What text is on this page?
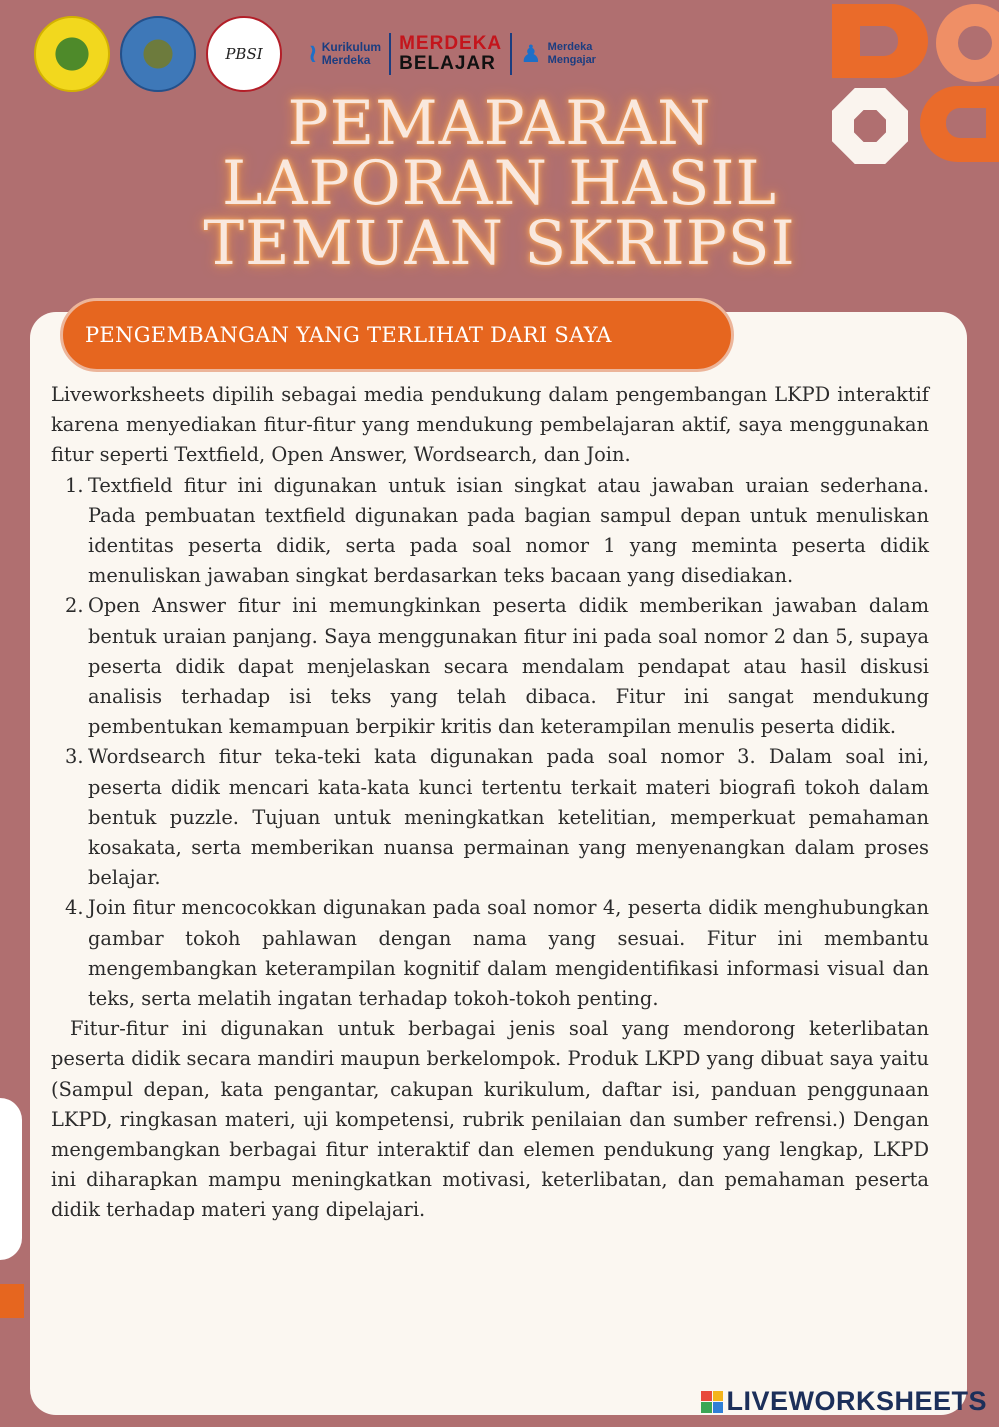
PBSI ≀ Kurikulum
Merdeka
MERDEKA
BELAJAR ♟ Merdeka
Mengajar
PEMAPARAN
LAPORAN HASIL
TEMUAN SKRIPSI
PENGEMBANGAN YANG TERLIHAT DARI SAYA

Liveworksheets dipilih sebagai media pendukung dalam pengembangan LKPD interaktif karena menyediakan fitur-fitur yang mendukung pembelajaran aktif, saya menggunakan fitur seperti Textfield, Open Answer, Wordsearch, dan Join.

1. Textfield fitur ini digunakan untuk isian singkat atau jawaban uraian sederhana. Pada pembuatan textfield digunakan pada bagian sampul depan untuk menuliskan identitas peserta didik, serta pada soal nomor 1 yang meminta peserta didik menuliskan jawaban singkat berdasarkan teks bacaan yang disediakan.
2. Open Answer fitur ini memungkinkan peserta didik memberikan jawaban dalam bentuk uraian panjang. Saya menggunakan fitur ini pada soal nomor 2 dan 5, supaya peserta didik dapat menjelaskan secara mendalam pendapat atau hasil diskusi analisis terhadap isi teks yang telah dibaca. Fitur ini sangat mendukung pembentukan kemampuan berpikir kritis dan keterampilan menulis peserta didik.
3. Wordsearch fitur teka-teki kata digunakan pada soal nomor 3. Dalam soal ini, peserta didik mencari kata-kata kunci tertentu terkait materi biografi tokoh dalam bentuk puzzle. Tujuan untuk meningkatkan ketelitian, memperkuat pemahaman kosakata, serta memberikan nuansa permainan yang menyenangkan dalam proses belajar.
4. Join fitur mencocokkan digunakan pada soal nomor 4, peserta didik menghubungkan gambar tokoh pahlawan dengan nama yang sesuai. Fitur ini membantu mengembangkan keterampilan kognitif dalam mengidentifikasi informasi visual dan teks, serta melatih ingatan terhadap tokoh-tokoh penting.

Fitur-fitur ini digunakan untuk berbagai jenis soal yang mendorong keterlibatan peserta didik secara mandiri maupun berkelompok. Produk LKPD yang dibuat saya yaitu (Sampul depan, kata pengantar, cakupan kurikulum, daftar isi, panduan penggunaan LKPD, ringkasan materi, uji kompetensi, rubrik penilaian dan sumber refrensi.) Dengan mengembangkan berbagai fitur interaktif dan elemen pendukung yang lengkap, LKPD ini diharapkan mampu meningkatkan motivasi, keterlibatan, dan pemahaman peserta didik terhadap materi yang dipelajari.

LIVEWORKSHEETS
